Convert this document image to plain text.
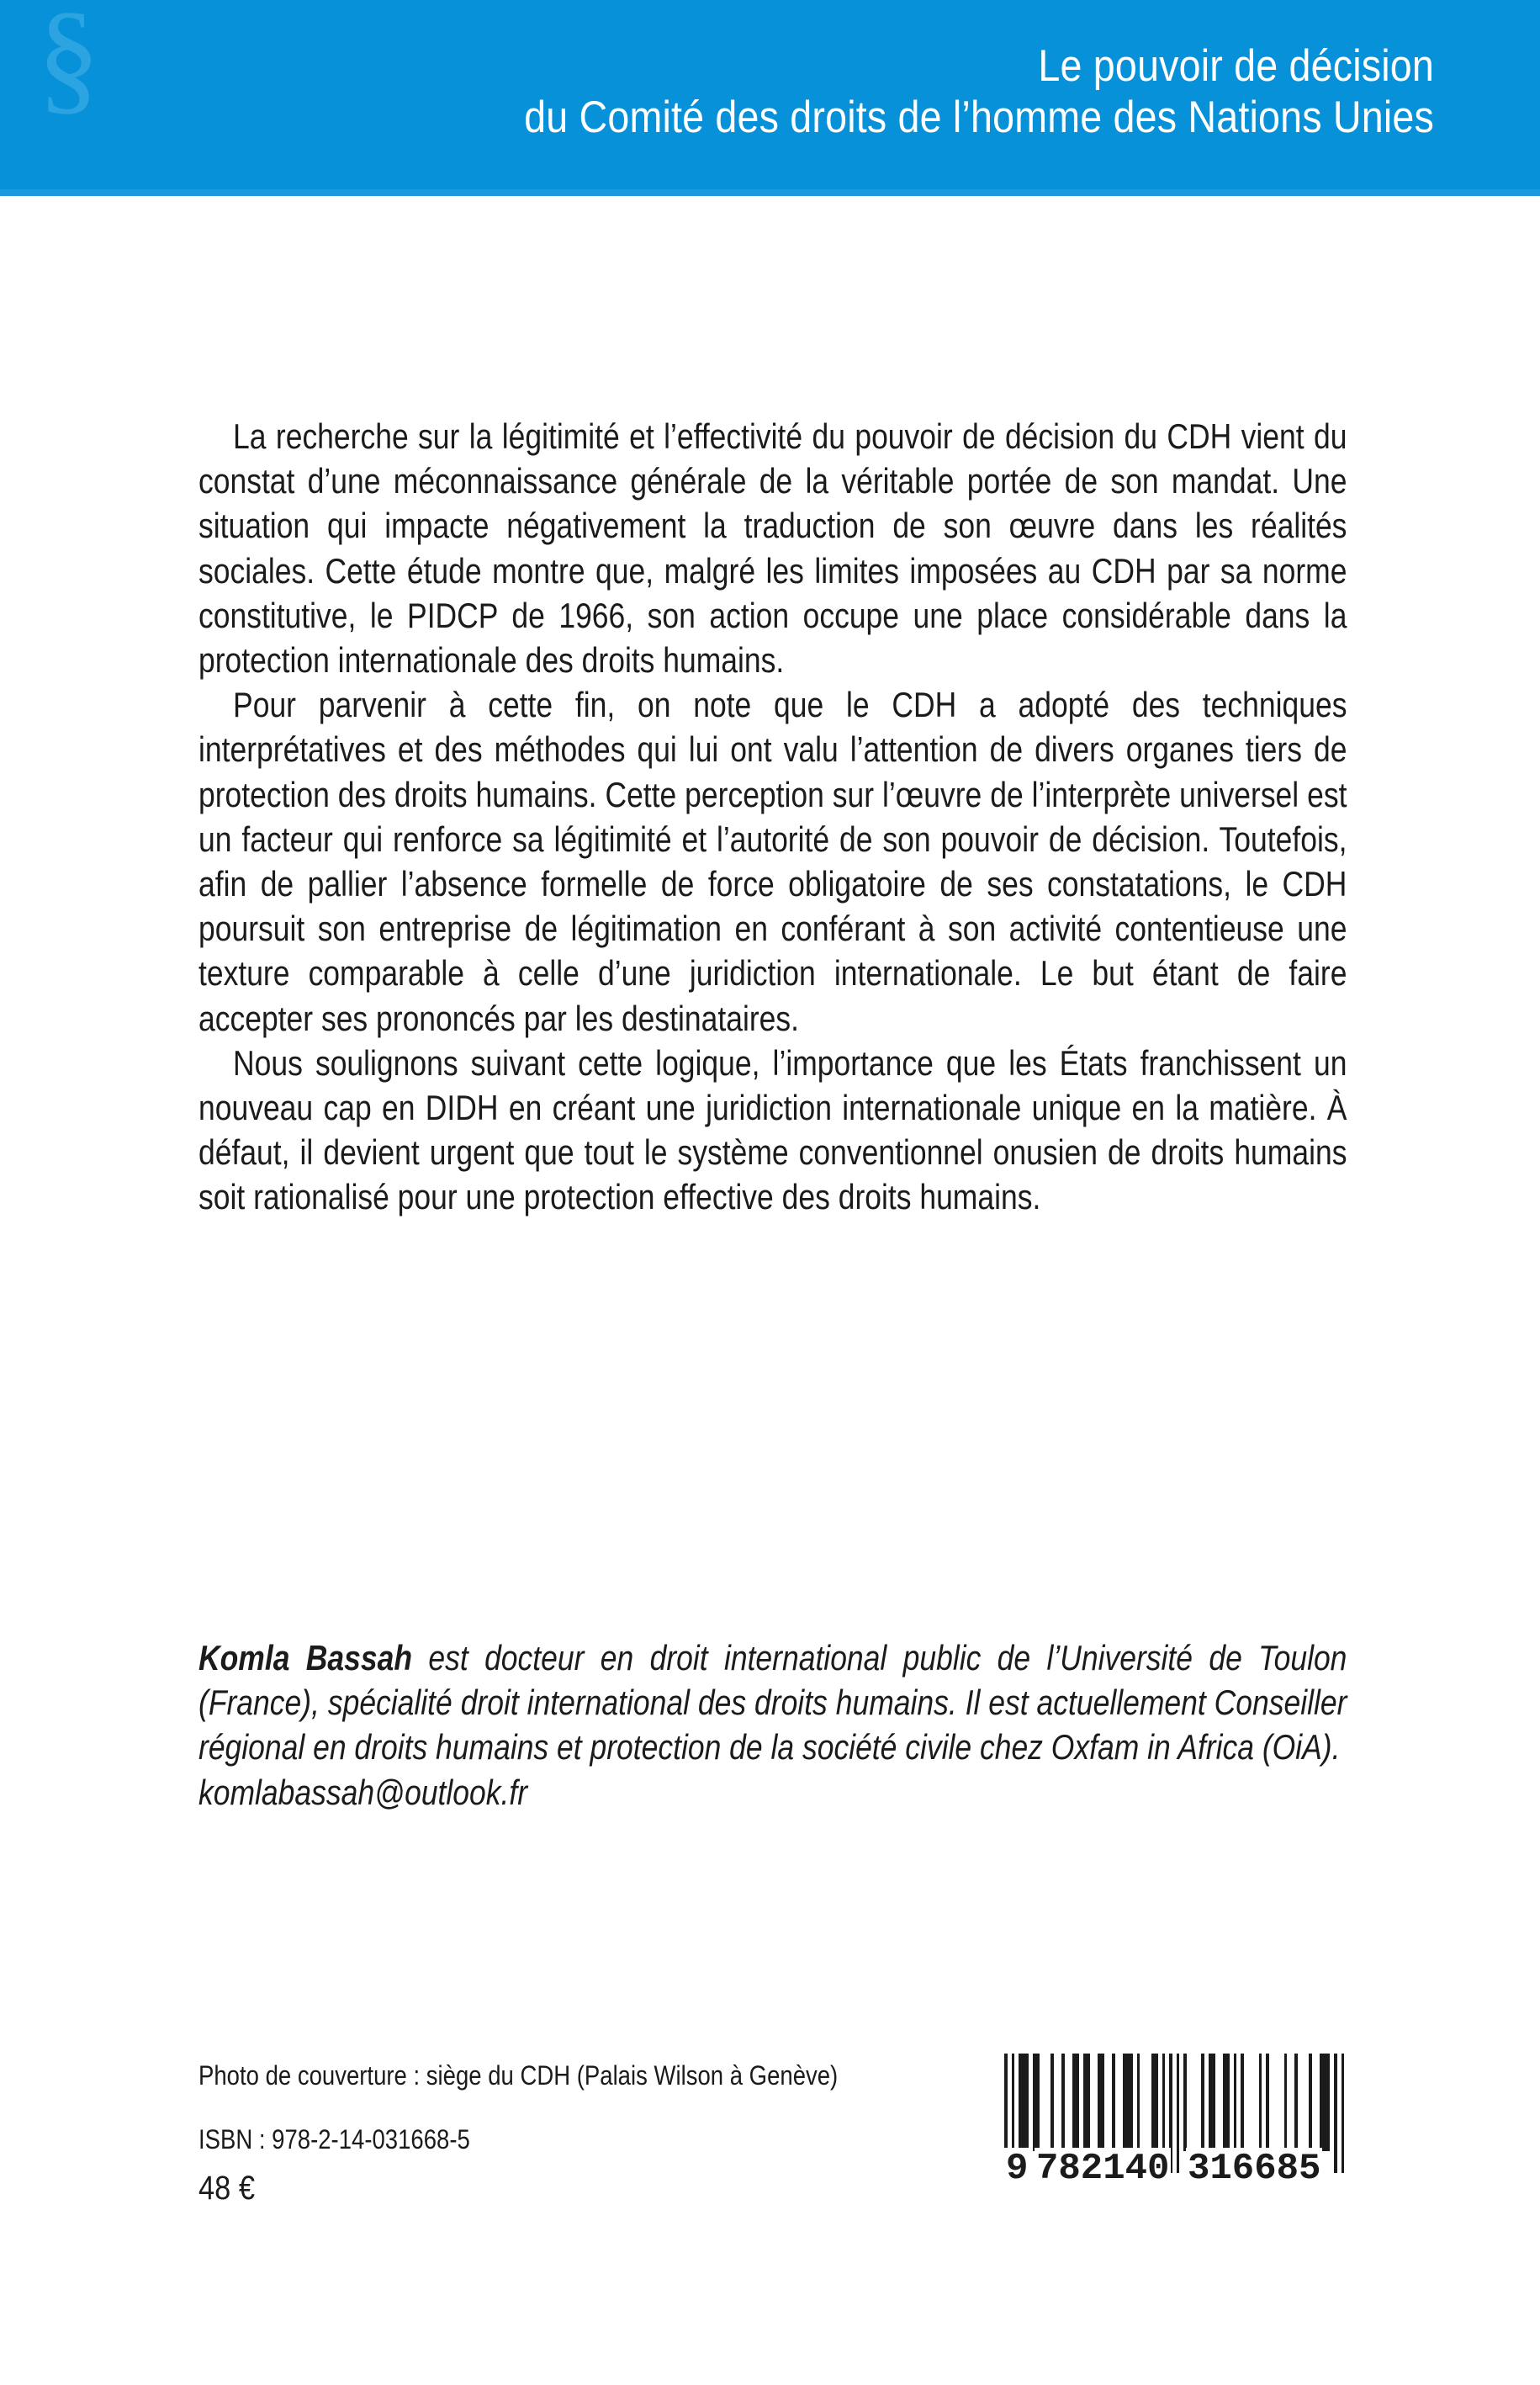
§	Le pouvoir de décision
du Comité des droits de l’homme des Nations Unies

La recherche sur la légitimité et l’effectivité du pouvoir de décision du CDH vient du constat d’une méconnaissance générale de la véritable portée de son mandat. Une situation qui impacte négativement la traduction de son œuvre dans les réalités sociales. Cette étude montre que, malgré les limites imposées au CDH par sa norme constitutive, le PIDCP de 1966, son action occupe une place considérable dans la protection internationale des droits humains.

Pour parvenir à cette fin, on note que le CDH a adopté des techniques interprétatives et des méthodes qui lui ont valu l’attention de divers organes tiers de protection des droits humains. Cette perception sur l’œuvre de l’interprète universel est un facteur qui renforce sa légitimité et l’autorité de son pouvoir de décision. Toutefois, afin de pallier l’absence formelle de force obligatoire de ses constatations, le CDH poursuit son entreprise de légitimation en conférant à son activité contentieuse une texture comparable à celle d’une juridiction internationale. Le but étant de faire accepter ses prononcés par les destinataires.

Nous soulignons suivant cette logique, l’importance que les États franchissent un nouveau cap en DIDH en créant une juridiction internationale unique en la matière. À défaut, il devient urgent que tout le système conventionnel onusien de droits humains soit rationalisé pour une protection effective des droits humains.

Komla Bassah est docteur en droit international public de l’Université de Toulon (France), spécialité droit international des droits humains. Il est actuellement Conseiller régional en droits humains et protection de la société civile chez Oxfam in Africa (OiA).

komlabassah@outlook.fr
Photo de couverture : siège du CDH (Palais Wilson à Genève)
ISBN : 978-2-14-031668-5
48 €	9 782140 316685
